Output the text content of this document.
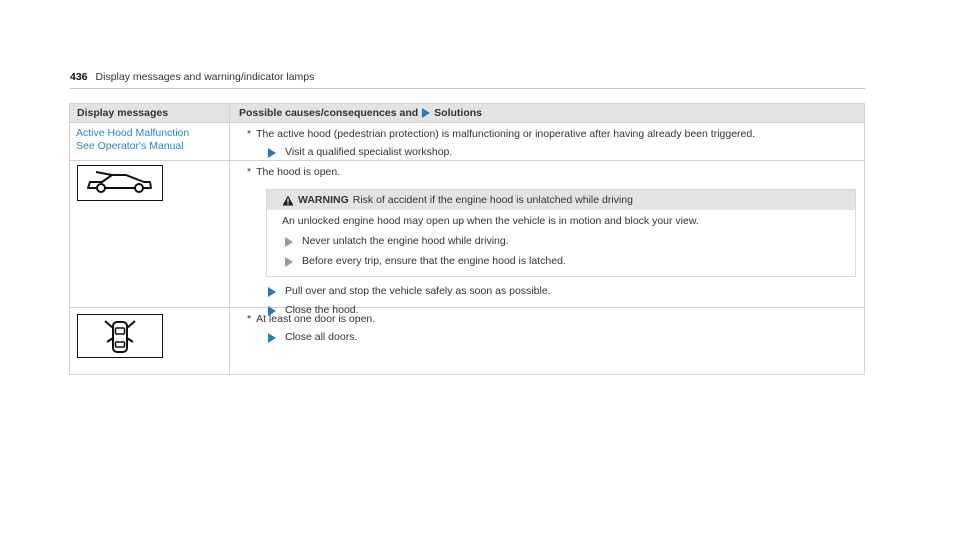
436 Display messages and warning/indicator lamps
Display messages	Possible causes/consequences and Solutions
Active Hood Malfunction
See Operator's Manual
* The active hood (pedestrian protection) is malfunctioning or inoperative after having already been triggered.
Visit a qualified specialist workshop.
* The hood is open.
WARNING Risk of accident if the engine hood is unlatched while driving
An unlocked engine hood may open up when the vehicle is in motion and block your view.
Never unlatch the engine hood while driving.
Before every trip, ensure that the engine hood is latched.
Pull over and stop the vehicle safely as soon as possible.
Close the hood.
* At least one door is open.
Close all doors.
